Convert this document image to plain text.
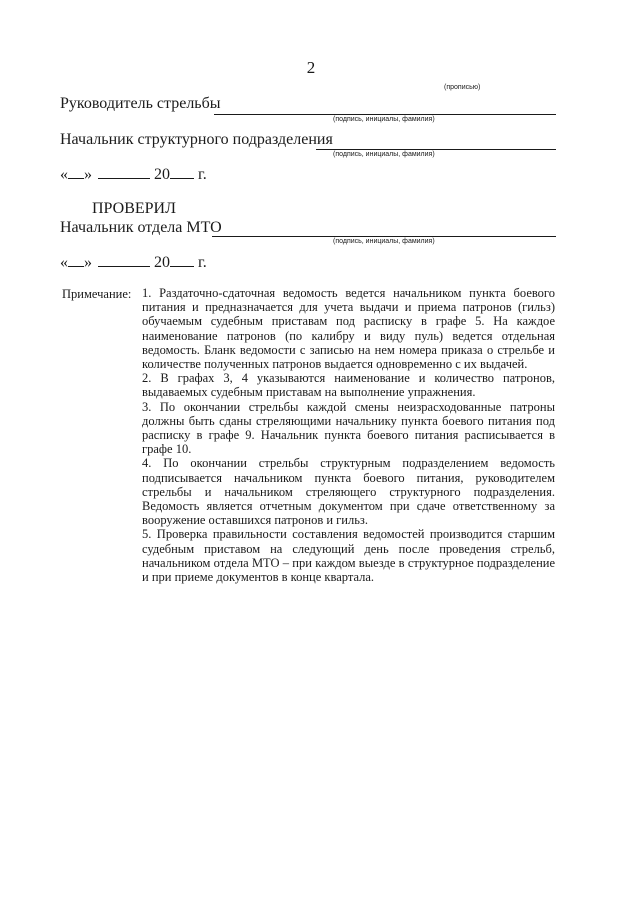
2
(прописью)
Руководитель стрельбы
(подпись, инициалы, фамилия)
Начальник структурного подразделения
(подпись, инициалы, фамилия)
« »	20 г.
ПРОВЕРИЛ
Начальник отдела МТО
(подпись, инициалы, фамилия)
« »	20 г.
Примечание: 1. Раздаточно-сдаточная ведомость ведется начальником пункта боевого питания и предназначается для учета выдачи и приема патронов (гильз) обучаемым судебным приставам под расписку в графе 5. На каждое наименование патронов (по калибру и виду пуль) ведется отдельная ведомость. Бланк ведомости с записью на нем номера приказа о стрельбе и количестве полученных патронов выдается одновременно с их выдачей.

2. В графах 3, 4 указываются наименование и количество патронов, выдаваемых судебным приставам на выполнение упражнения.

3. По окончании стрельбы каждой смены неизрасходованные патроны должны быть сданы стреляющими начальнику пункта боевого питания под расписку в графе 9. Начальник пункта боевого питания расписывается в графе 10.

4. По окончании стрельбы структурным подразделением ведомость подписывается начальником пункта боевого питания, руководителем стрельбы и начальником стреляющего структурного подразделения. Ведомость является отчетным документом при сдаче ответственному за вооружение оставшихся патронов и гильз.

5. Проверка правильности составления ведомостей производится старшим судебным приставом на следующий день после проведения стрельб, начальником отдела МТО – при каждом выезде в структурное подразделение и при приеме документов в конце квартала.
